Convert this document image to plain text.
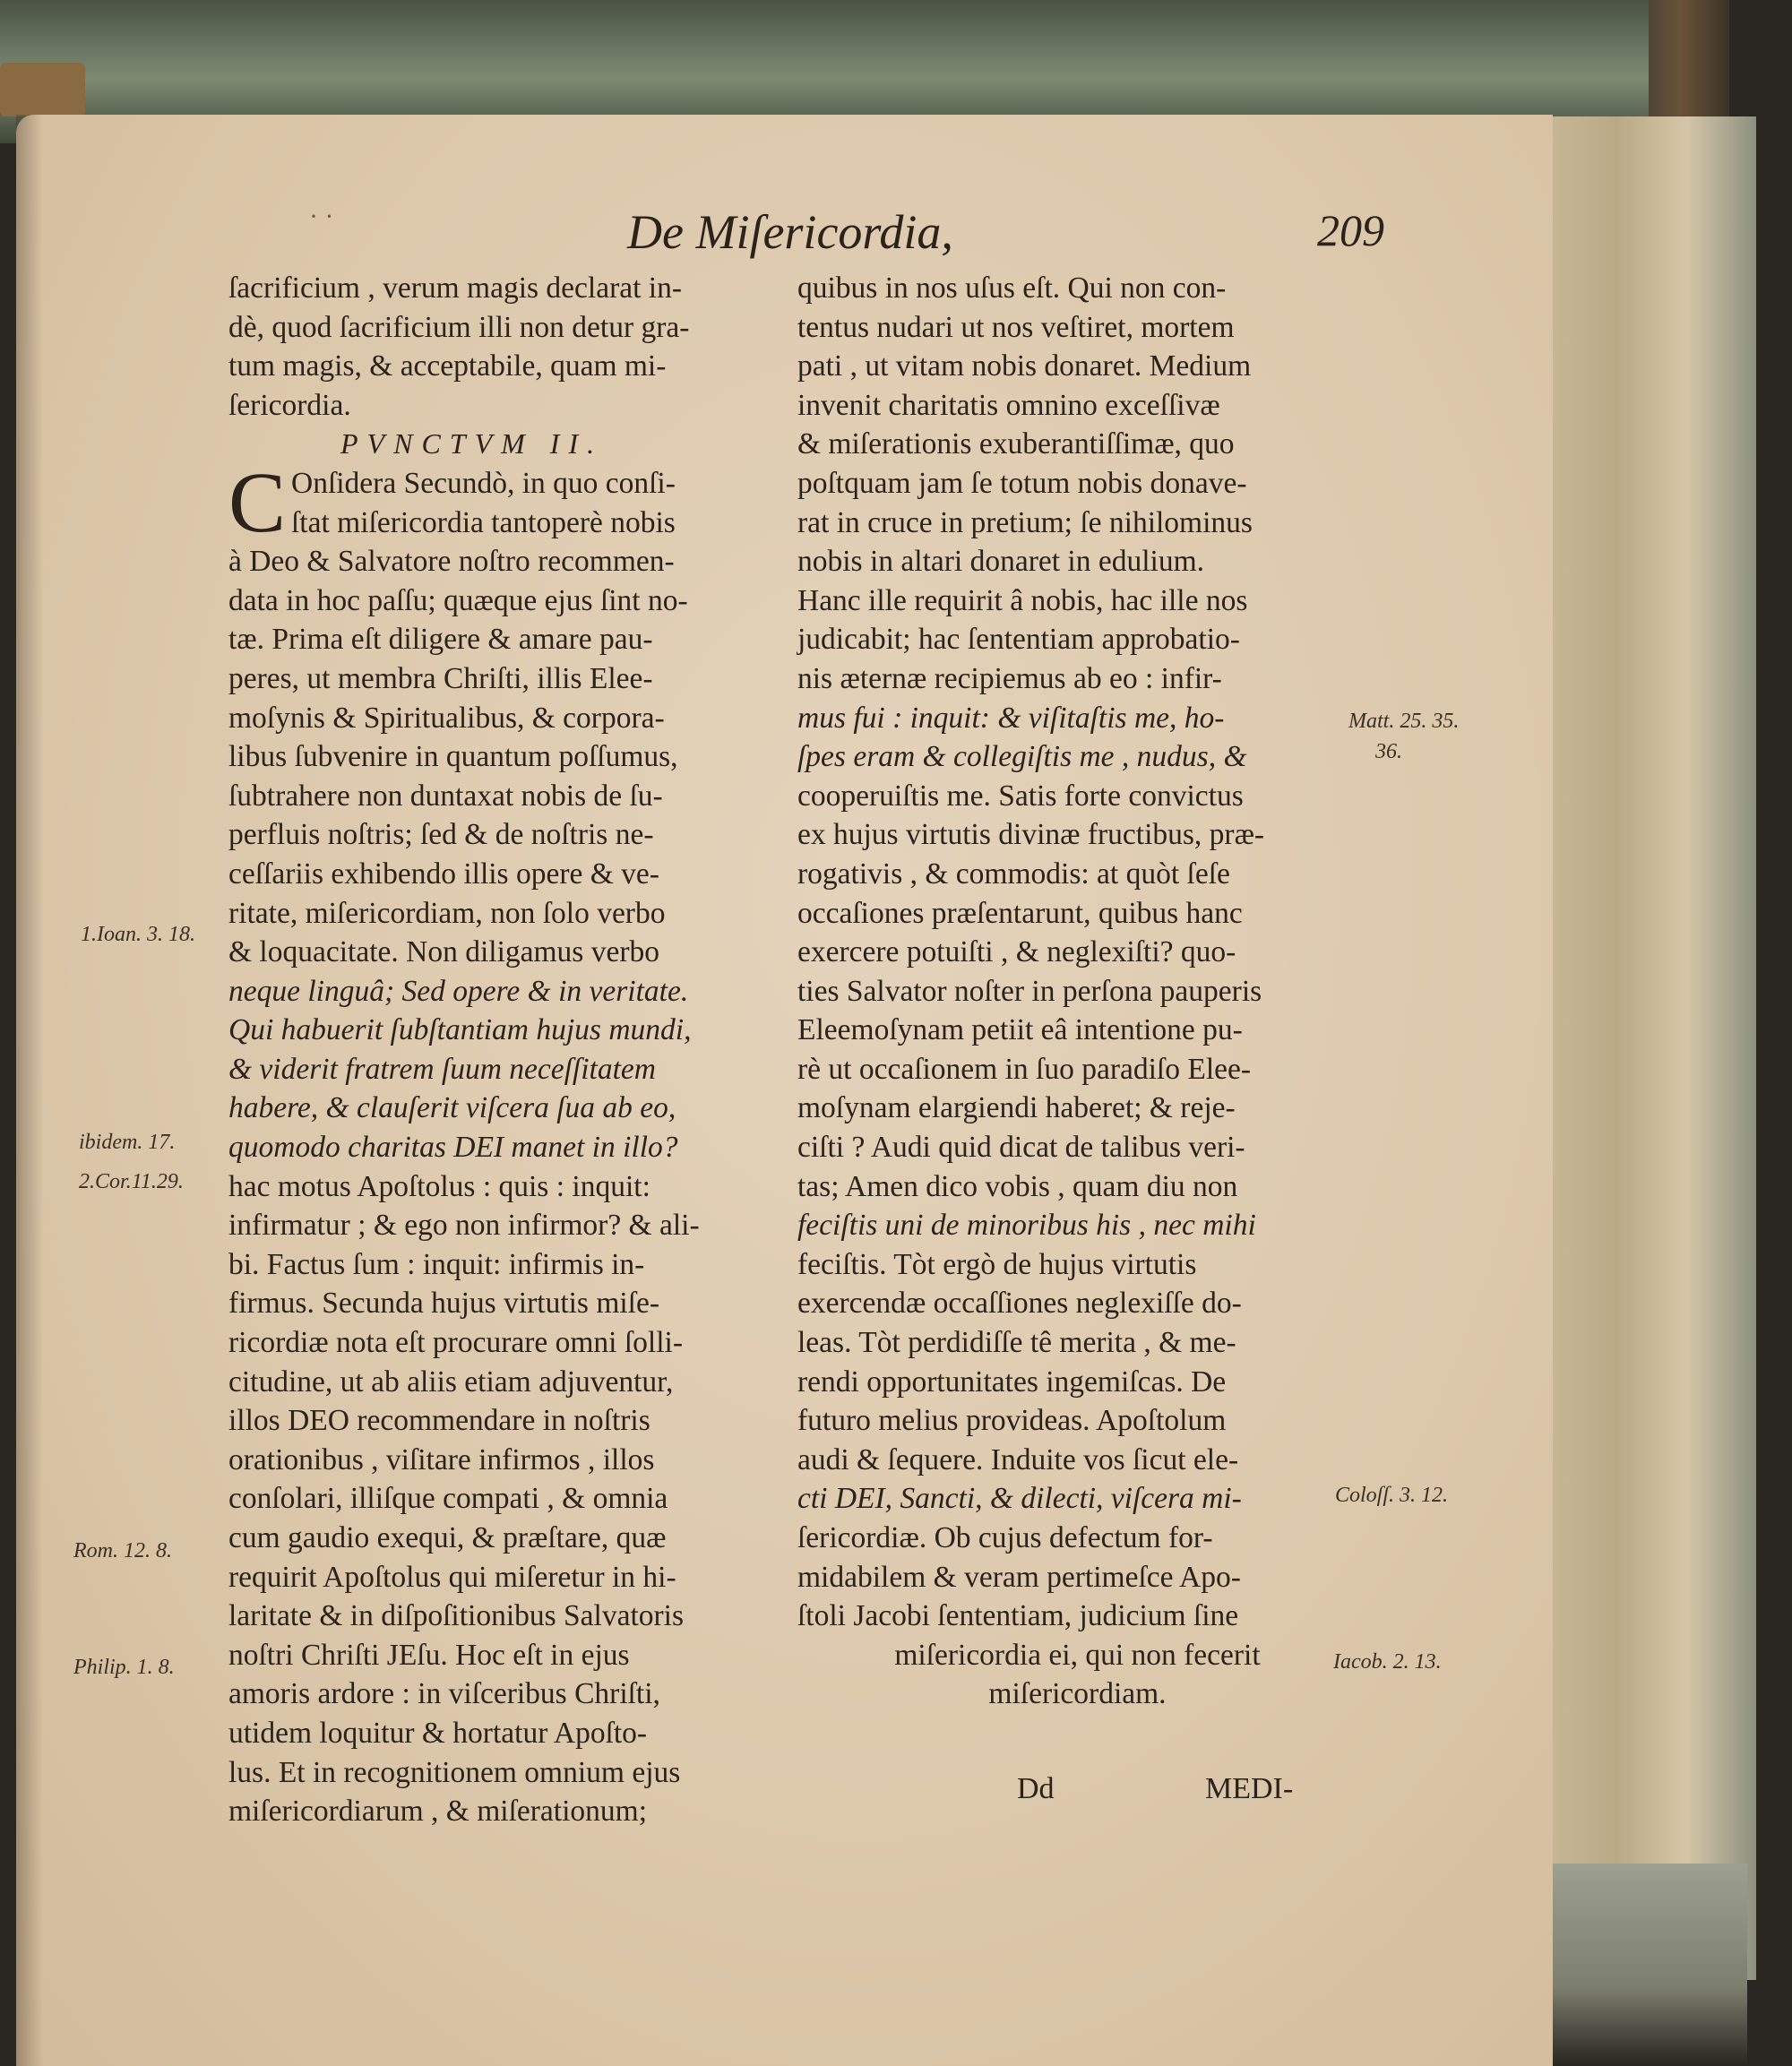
· ·	De Miſericordia,	209
ſacrificium , verum magis declarat in-
dè, quod ſacrificium illi non detur gra-
tum magis, & acceptabile, quam mi-
ſericordia.
PVNCTVM II.
C Onſidera Secundò, in quo conſi-
ſtat miſericordia tantoperè nobis
à Deo & Salvatore noſtro recommen-
data in hoc paſſu; quæque ejus ſint no-
tæ. Prima eſt diligere & amare pau-
peres, ut membra Chriſti, illis Elee-
moſynis & Spiritualibus, & corpora-
libus ſubvenire in quantum poſſumus,
ſubtrahere non duntaxat nobis de ſu-
perfluis noſtris; ſed & de noſtris ne-
ceſſariis exhibendo illis opere & ve-
ritate, miſericordiam, non ſolo verbo
& loquacitate. Non diligamus verbo
neque linguâ; Sed opere & in veritate.
Qui habuerit ſubſtantiam hujus mundi,
& viderit fratrem ſuum neceſſitatem
habere, & clauſerit viſcera ſua ab eo,
quomodo charitas DEI manet in illo?
hac motus Apoſtolus : quis : inquit:
infirmatur ; & ego non infirmor? & ali-
bi. Factus ſum : inquit: infirmis in-
firmus. Secunda hujus virtutis miſe-
ricordiæ nota eſt procurare omni ſolli-
citudine, ut ab aliis etiam adjuventur,
illos DEO recommendare in noſtris
orationibus , viſitare infirmos , illos
conſolari, illiſque compati , & omnia
cum gaudio exequi, & præſtare, quæ
requirit Apoſtolus qui miſeretur in hi-
laritate & in diſpoſitionibus Salvatoris
noſtri Chriſti JEſu. Hoc eſt in ejus
amoris ardore : in viſceribus Chriſti,
utidem loquitur & hortatur Apoſto-
lus. Et in recognitionem omnium ejus
miſericordiarum , & miſerationum;
quibus in nos uſus eſt. Qui non con-
tentus nudari ut nos veſtiret, mortem
pati , ut vitam nobis donaret. Medium
invenit charitatis omnino exceſſivæ
& miſerationis exuberantiſſimæ, quo
poſtquam jam ſe totum nobis donave-
rat in cruce in pretium; ſe nihilominus
nobis in altari donaret in edulium.
Hanc ille requirit â nobis, hac ille nos
judicabit; hac ſententiam approbatio-
nis æternæ recipiemus ab eo : infir-
mus fui : inquit: & viſitaſtis me, ho-
ſpes eram & collegiſtis me , nudus, &
cooperuiſtis me. Satis forte convictus
ex hujus virtutis divinæ fructibus, præ-
rogativis , & commodis: at quòt ſeſe
occaſiones præſentarunt, quibus hanc
exercere potuiſti , & neglexiſti? quo-
ties Salvator noſter in perſona pauperis
Eleemoſynam petiit eâ intentione pu-
rè ut occaſionem in ſuo paradiſo Elee-
moſynam elargiendi haberet; & reje-
ciſti ? Audi quid dicat de talibus veri-
tas; Amen dico vobis , quam diu non
feciſtis uni de minoribus his , nec mihi
feciſtis. Tòt ergò de hujus virtutis
exercendæ occaſſiones neglexiſſe do-
leas. Tòt perdidiſſe tê merita , & me-
rendi opportunitates ingemiſcas. De
futuro melius provideas. Apoſtolum
audi & ſequere. Induite vos ſicut ele-
cti DEI, Sancti, & dilecti, viſcera mi-
ſericordiæ. Ob cujus defectum for-
midabilem & veram pertimeſce Apo-
ſtoli Jacobi ſententiam, judicium ſine
miſericordia ei, qui non fecerit
miſericordiam.
1.Ioan. 3. 18.
ibidem. 17.
2.Cor.11.29.
Rom. 12. 8.
Philip. 1. 8.
Matt. 25. 35.
36.
Coloſſ. 3. 12.
Iacob. 2. 13.
Dd	MEDI-
